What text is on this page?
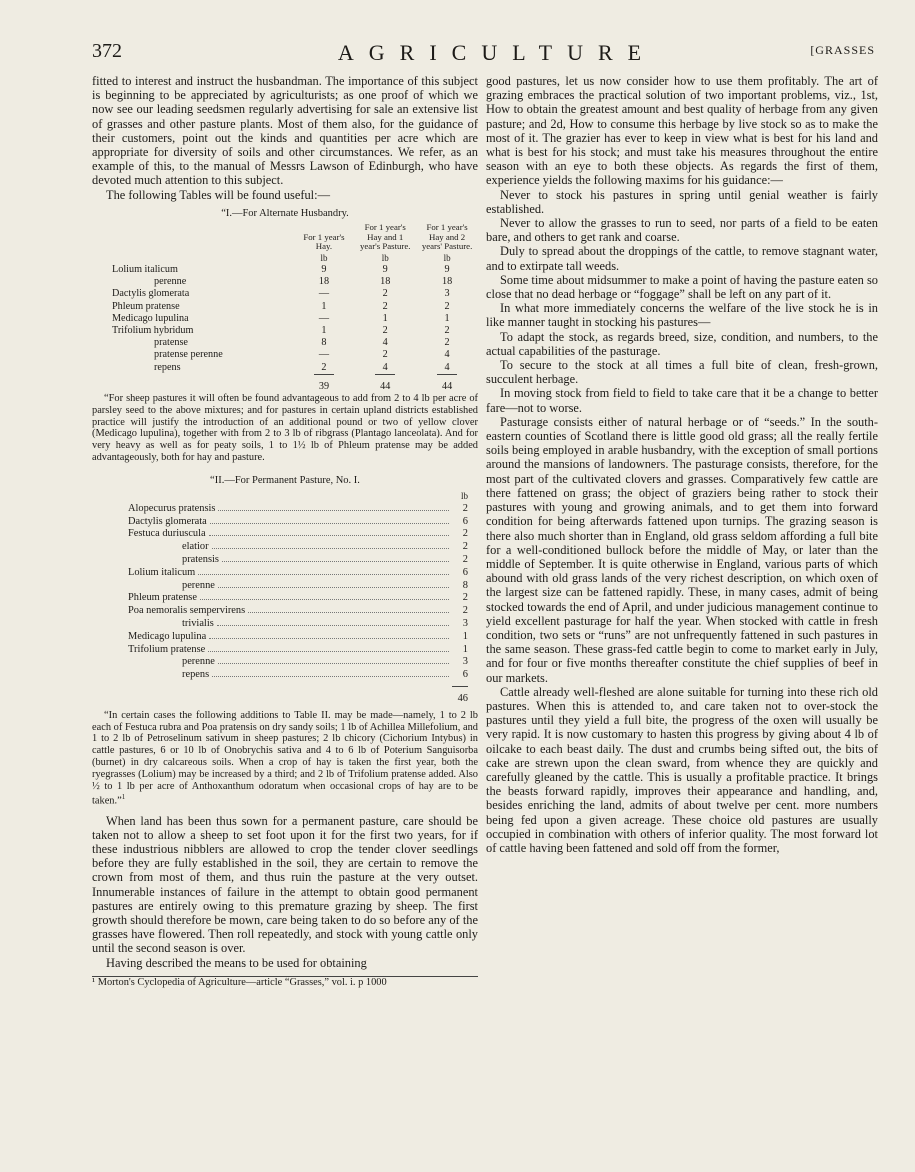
372	AGRICULTURE	[GRASSES

fitted to interest and instruct the husbandman. The importance of this subject is beginning to be appreciated by agriculturists; as one proof of which we now see our leading seedsmen regularly advertising for sale an extensive list of grasses and other pasture plants. Most of them also, for the guidance of their customers, point out the kinds and quantities per acre which are appropriate for diversity of soils and other circumstances. We refer, as an example of this, to the manual of Messrs Lawson of Edinburgh, who have devoted much attention to this subject.

The following Tables will be found useful:—

“I.—For Alternate Husbandry.
	For 1 year's Hay.	For 1 year's Hay and 1 year's Pasture.	For 1 year's Hay and 2 years' Pasture.
	lb	lb	lb
Lolium italicum	9	9	9
perenne	18	18	18
Dactylis glomerata	—	2	3
Phleum pratense	1	2	2
Medicago lupulina	—	1	1
Trifolium hybridum	1	2	2
pratense	8	4	2
pratense perenne	—	2	4
repens	2	4	4

	39	44	44

“For sheep pastures it will often be found advantageous to add from 2 to 4 lb per acre of parsley seed to the above mixtures; and for pastures in certain upland districts established practice will justify the introduction of an additional pound or two of yellow clover (Medicago lupulina), together with from 2 to 3 lb of ribgrass (Plantago lanceolata). And for very heavy as well as for peaty soils, 1 to 1½ lb of Phleum pratense may be added advantageously, both for hay and pasture.

“II.—For Permanent Pasture, No. I.
lb
Alopecurus pratensis	2
Dactylis glomerata	6
Festuca duriuscula	2
elatior	2
pratensis	2
Lolium italicum	6
perenne	8
Phleum pratense	2
Poa nemoralis sempervirens	2
trivialis	3
Medicago lupulina	1
Trifolium pratense	1
perenne	3
repens	6
46

“In certain cases the following additions to Table II. may be made—namely, 1 to 2 lb each of Festuca rubra and Poa pratensis on dry sandy soils; 1 lb of Achillea Millefolium, and 1 to 2 lb of Petroselinum sativum in sheep pastures; 2 lb chicory (Cichorium Intybus) in cattle pastures, 6 or 10 lb of Onobrychis sativa and 4 to 6 lb of Poterium Sanguisorba (burnet) in dry calcareous soils. When a crop of hay is taken the first year, both the ryegrasses (Lolium) may be increased by a third; and 2 lb of Trifolium pratense added. Also ½ to 1 lb per acre of Anthoxanthum odoratum when occasional crops of hay are to be taken.”$^1$

When land has been thus sown for a permanent pasture, care should be taken not to allow a sheep to set foot upon it for the first two years, for if these industrious nibblers are allowed to crop the tender clover seedlings before they are fully established in the soil, they are certain to remove the crown from most of them, and thus ruin the pasture at the very outset. Innumerable instances of failure in the attempt to obtain good permanent pastures are entirely owing to this premature grazing by sheep. The first growth should therefore be mown, care being taken to do so before any of the grasses have flowered. Then roll repeatedly, and stock with young cattle only until the second season is over.

Having described the means to be used for obtaining

¹ Morton's Cyclopedia of Agriculture—article “Grasses,” vol. i. p 1000

good pastures, let us now consider how to use them profitably. The art of grazing embraces the practical solution of two important problems, viz., 1st, How to obtain the greatest amount and best quality of herbage from any given pasture; and 2d, How to consume this herbage by live stock so as to make the most of it. The grazier has ever to keep in view what is best for his land and what is best for his stock; and must take his measures throughout the entire season with an eye to both these objects. As regards the first of them, experience yields the following maxims for his guidance:—

Never to stock his pastures in spring until genial weather is fairly established.

Never to allow the grasses to run to seed, nor parts of a field to be eaten bare, and others to get rank and coarse.

Duly to spread about the droppings of the cattle, to remove stagnant water, and to extirpate tall weeds.

Some time about midsummer to make a point of having the pasture eaten so close that no dead herbage or “foggage” shall be left on any part of it.

In what more immediately concerns the welfare of the live stock he is in like manner taught in stocking his pastures—

To adapt the stock, as regards breed, size, condition, and numbers, to the actual capabilities of the pasturage.

To secure to the stock at all times a full bite of clean, fresh-grown, succulent herbage.

In moving stock from field to field to take care that it be a change to better fare—not to worse.

Pasturage consists either of natural herbage or of “seeds.” In the south-eastern counties of Scotland there is little good old grass; all the really fertile soils being employed in arable husbandry, with the exception of small portions around the mansions of landowners. The pasturage consists, therefore, for the most part of the cultivated clovers and grasses. Comparatively few cattle are there fattened on grass; the object of graziers being rather to stock their pastures with young and growing animals, and to get them into forward condition for being afterwards fattened upon turnips. The grazing season is there also much shorter than in England, old grass seldom affording a full bite for a well-conditioned bullock before the middle of May, or later than the middle of September. It is quite otherwise in England, various parts of which abound with old grass lands of the very richest description, on which oxen of the largest size can be fattened rapidly. These, in many cases, admit of being stocked towards the end of April, and under judicious management continue to yield excellent pasturage for half the year. When stocked with cattle in fresh condition, two sets or “runs” are not unfrequently fattened in such pastures in the same season. These grass-fed cattle begin to come to market early in July, and for four or five months thereafter constitute the chief supplies of beef in our markets.

Cattle already well-fleshed are alone suitable for turning into these rich old pastures. When this is attended to, and care taken not to over-stock the pastures until they yield a full bite, the progress of the oxen will usually be very rapid. It is now customary to hasten this progress by giving about 4 lb of oilcake to each beast daily. The dust and crumbs being sifted out, the bits of cake are strewn upon the clean sward, from whence they are quickly and carefully gleaned by the cattle. This is usually a profitable practice. It brings the beasts forward rapidly, improves their appearance and handling, and, besides enriching the land, admits of about twelve per cent. more numbers being fed upon a given acreage. These choice old pastures are usually occupied in combination with others of inferior quality. The most forward lot of cattle having been fattened and sold off from the former,
